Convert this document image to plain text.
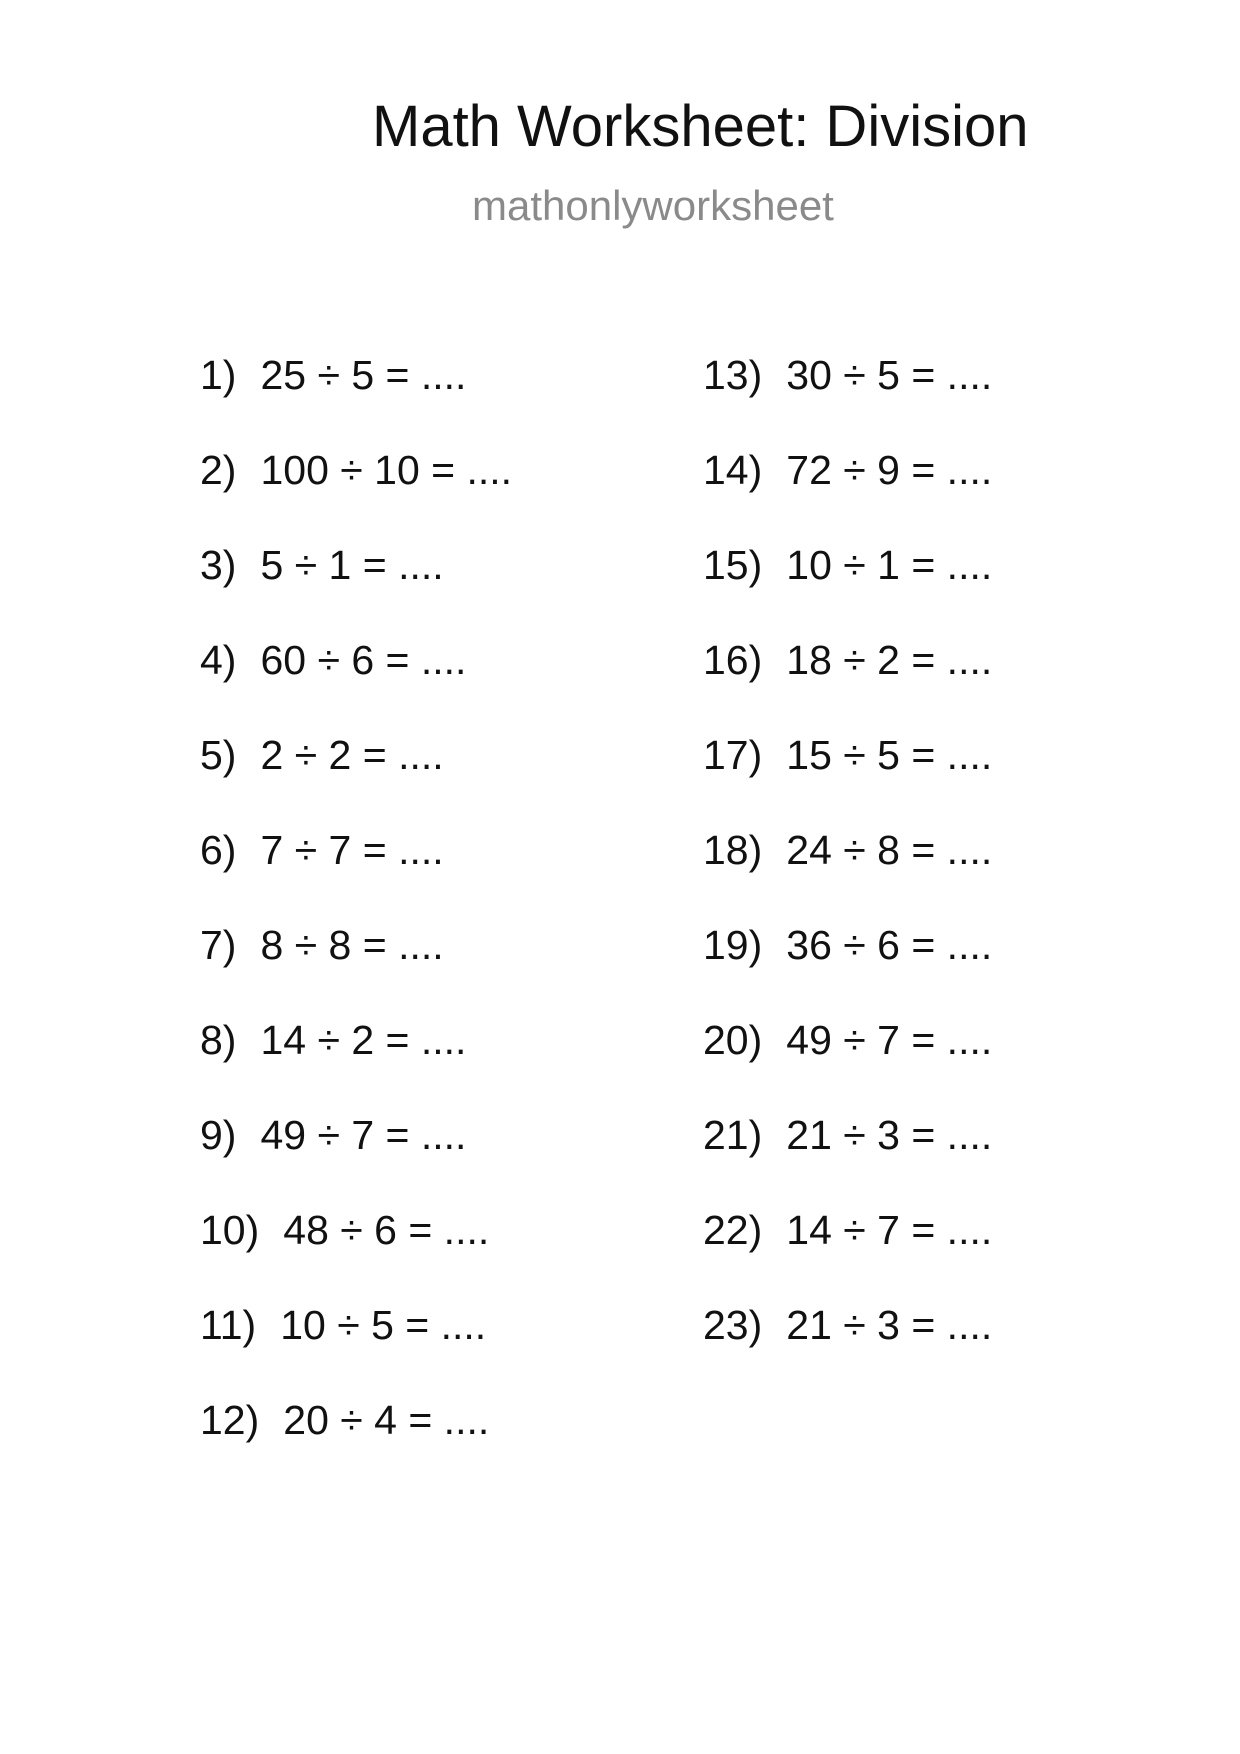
Math Worksheet: Division
mathonlyworksheet
1) 25 ÷ 5 = ....
2) 100 ÷ 10 = ....
3) 5 ÷ 1 = ....
4) 60 ÷ 6 = ....
5) 2 ÷ 2 = ....
6) 7 ÷ 7 = ....
7) 8 ÷ 8 = ....
8) 14 ÷ 2 = ....
9) 49 ÷ 7 = ....
10) 48 ÷ 6 = ....
11) 10 ÷ 5 = ....
12) 20 ÷ 4 = ....
13) 30 ÷ 5 = ....
14) 72 ÷ 9 = ....
15) 10 ÷ 1 = ....
16) 18 ÷ 2 = ....
17) 15 ÷ 5 = ....
18) 24 ÷ 8 = ....
19) 36 ÷ 6 = ....
20) 49 ÷ 7 = ....
21) 21 ÷ 3 = ....
22) 14 ÷ 7 = ....
23) 21 ÷ 3 = ....
